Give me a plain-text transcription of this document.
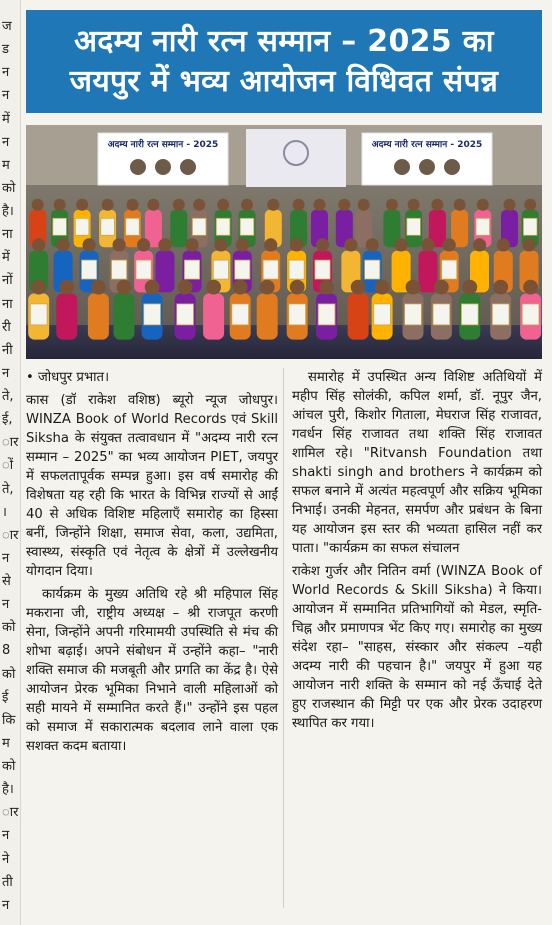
ज
ड
न
न
में
न
म
को
है।
ना
में
नों
ना
री
नी
न
ते,
ई,
ार
ों
ते,
।
ार
न
से
न
को
8
को
ई
कि
म
को
है।
ार
न
ने
ती
न
अदम्य नारी रत्न सम्मान – 2025 का
जयपुर में भव्य आयोजन विधिवत संपन्न
अदम्य नारी रत्न सम्मान - 2025	अदम्य नारी रत्न सम्मान - 2025

• जोधपुर प्रभात।

कास (डॉ राकेश वशिष्ठ) ब्यूरो न्यूज जोधपुर। WINZA Book of World Records एवं Skill Siksha के संयुक्त तत्वावधान में "अदम्य नारी रत्न सम्मान – 2025" का भव्य आयोजन PIET, जयपुर में सफलतापूर्वक सम्पन्न हुआ। इस वर्ष समारोह की विशेषता यह रही कि भारत के विभिन्न राज्यों से आईं 40 से अधिक विशिष्ट महिलाएँ समारोह का हिस्सा बनीं, जिन्होंने शिक्षा, समाज सेवा, कला, उद्यमिता, स्वास्थ्य, संस्कृति एवं नेतृत्व के क्षेत्रों में उल्लेखनीय योगदान दिया।

कार्यक्रम के मुख्य अतिथि रहे श्री महिपाल सिंह मकराना जी, राष्ट्रीय अध्यक्ष – श्री राजपूत करणी सेना, जिन्होंने अपनी गरिमामयी उपस्थिति से मंच की शोभा बढ़ाई। अपने संबोधन में उन्होंने कहा– "नारी शक्ति समाज की मजबूती और प्रगति का केंद्र है। ऐसे आयोजन प्रेरक भूमिका निभाने वाली महिलाओं को सही मायने में सम्मानित करते हैं।" उन्होंने इस पहल को समाज में सकारात्मक बदलाव लाने वाला एक सशक्त कदम बताया।

समारोह में उपस्थित अन्य विशिष्ट अतिथियों में महीप सिंह सोलंकी, कपिल शर्मा, डॉ. नूपुर जैन, आंचल पुरी, किशोर गिताला, मेघराज सिंह राजावत, गवर्धन सिंह राजावत तथा शक्ति सिंह राजावत शामिल रहे। "Ritvansh Foundation तथा shakti singh and brothers ने कार्यक्रम को सफल बनाने में अत्यंत महत्वपूर्ण और सक्रिय भूमिका निभाई। उनकी मेहनत, समर्पण और प्रबंधन के बिना यह आयोजन इस स्तर की भव्यता हासिल नहीं कर पाता। "कार्यक्रम का सफल संचालन

राकेश गुर्जर और नितिन वर्मा (WINZA Book of World Records & Skill Siksha) ने किया। आयोजन में सम्मानित प्रतिभागियों को मेडल, स्मृति- चिह्न और प्रमाणपत्र भेंट किए गए। समारोह का मुख्य संदेश रहा– "साहस, संस्कार और संकल्प –यही अदम्य नारी की पहचान है।" जयपुर में हुआ यह आयोजन नारी शक्ति के सम्मान को नई ऊँचाई देते हुए राजस्थान की मिट्टी पर एक और प्रेरक उदाहरण स्थापित कर गया।
